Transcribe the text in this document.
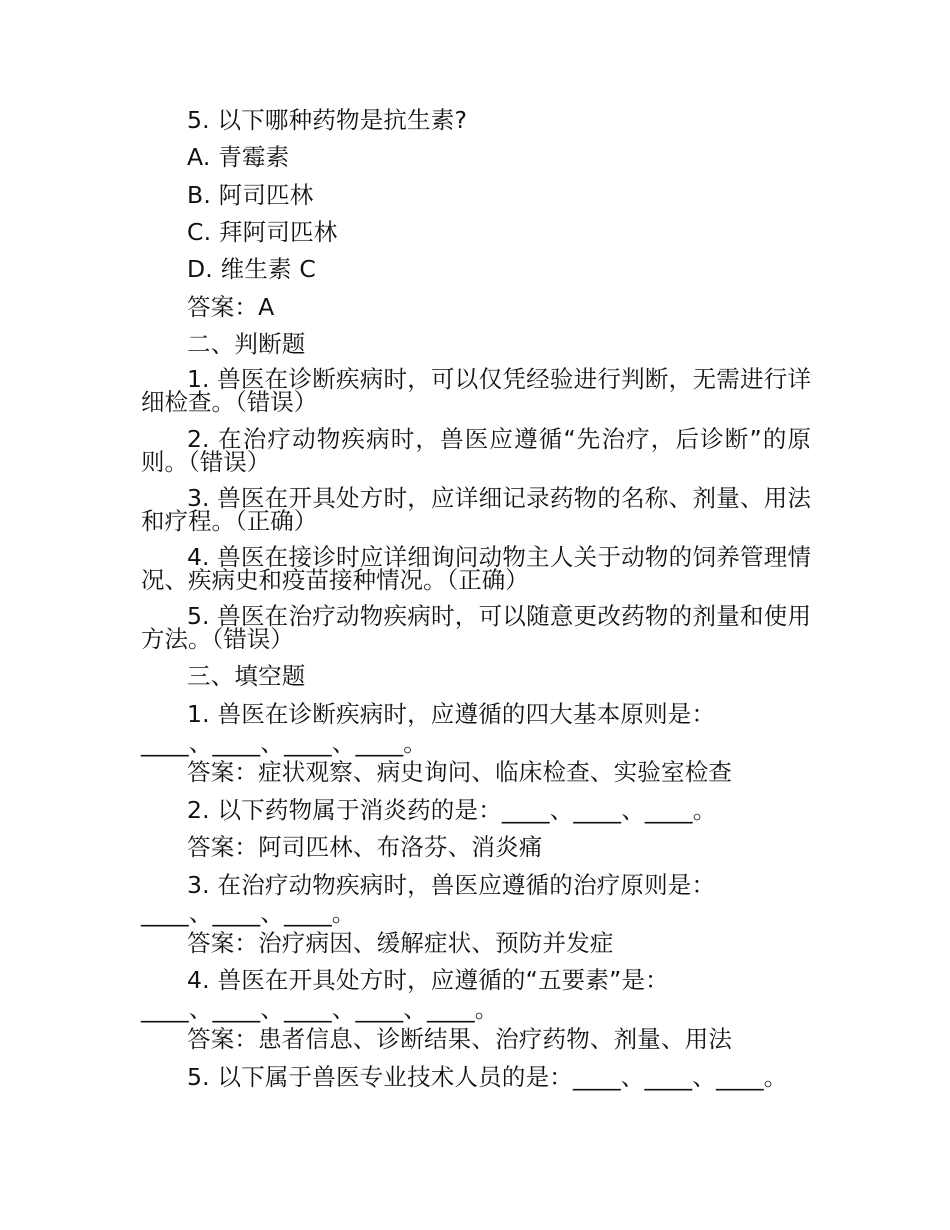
5. 以下哪种药物是抗生素?
A. 青霉素
B. 阿司匹林
C. 拜阿司匹林
D. 维生素 C
答案：A
二、判断题

1. 兽医在诊断疾病时，可以仅凭经验进行判断，无需进行详细检查。（错误）

2. 在治疗动物疾病时，兽医应遵循“先治疗，后诊断”的原则。（错误）

3. 兽医在开具处方时，应详细记录药物的名称、剂量、用法和疗程。（正确）

4. 兽医在接诊时应详细询问动物主人关于动物的饲养管理情况、疾病史和疫苗接种情况。（正确）

5. 兽医在治疗动物疾病时，可以随意更改药物的剂量和使用方法。（错误）

三、填空题
1. 兽医在诊断疾病时，应遵循的四大基本原则是：
____、____、____、____。
答案：症状观察、病史询问、临床检查、实验室检查
2. 以下药物属于消炎药的是：____、____、____。
答案：阿司匹林、布洛芬、消炎痛
3. 在治疗动物疾病时，兽医应遵循的治疗原则是：
____、____、____。
答案：治疗病因、缓解症状、预防并发症
4. 兽医在开具处方时，应遵循的“五要素”是：
____、____、____、____、____。
答案：患者信息、诊断结果、治疗药物、剂量、用法
5. 以下属于兽医专业技术人员的是：____、____、____。
